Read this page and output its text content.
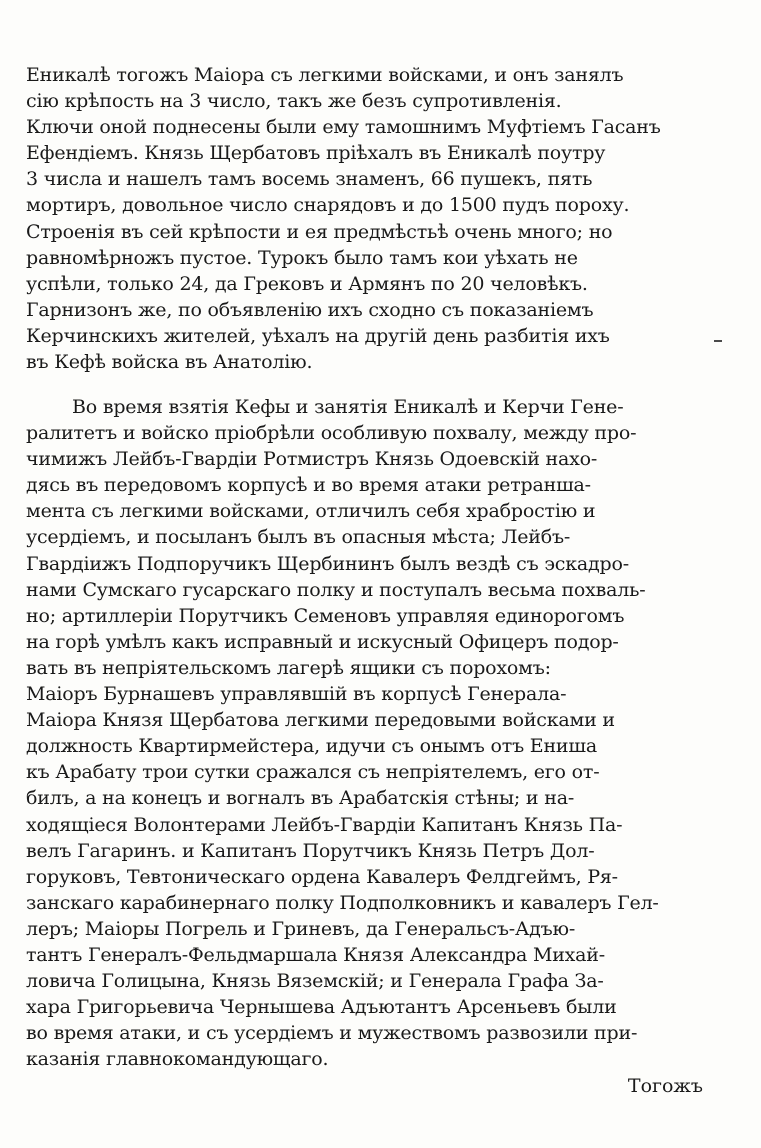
Еникалѣ тогожъ Маіора съ легкими войсками, и онъ занялъ
сію крѣпость на 3 число, такъ же безъ супротивленія.
Ключи оной поднесены были ему тамошнимъ Муфтіемъ Гасанъ
Ефендіемъ. Князь Щербатовъ пріѣхалъ въ Еникалѣ поутру
3 числа и нашелъ тамъ восемь знаменъ, 66 пушекъ, пять
мортиръ, довольное число снарядовъ и до 1500 пудъ пороху.
Строенія въ сей крѣпости и ея предмѣстьѣ очень много; но
равномѣрножъ пустое. Турокъ было тамъ кои уѣхать не
успѣли, только 24, да Грековъ и Армянъ по 20 человѣкъ.
Гарнизонъ же, по объявленію ихъ сходно съ показаніемъ
Керчинскихъ жителей, уѣхалъ на другій день разбитія ихъ
въ Кефѣ войска въ Анатолію.
Во время взятія Кефы и занятія Еникалѣ и Керчи Гене-
ралитетъ и войско пріобрѣли особливую похвалу, между про-
чимижъ Лейбъ-Гвардіи Ротмистръ Князь Одоевскій нахо-
дясь въ передовомъ корпусѣ и во время атаки ретраншa-
мента съ легкими войсками, отличилъ себя храбростію и
усердіемъ, и посыланъ былъ въ опасныя мѣста; Лейбъ-
Гвардіижъ Подпоручикъ Щербининъ былъ вездѣ съ эскадро-
нами Сумскаго гусарскаго полку и поступалъ весьма похваль-
но; артиллеріи Порутчикъ Семеновъ управляя единорогомъ
на горѣ умѣлъ какъ исправный и искусный Офицеръ подор-
вать въ непріятельскомъ лагерѣ ящики съ порохомъ:
Маіоръ Бурнашевъ управлявшій въ корпусѣ Генерала-
Маіора Князя Щербатова легкими передовыми войсками и
должность Квартирмейстера, идучи съ онымъ отъ Енишa
къ Арабату трои сутки сражался съ непріятелемъ, его от-
билъ, а на конецъ и вогналъ въ Арабатскія стѣны; и на-
ходящіеся Волонтерами Лейбъ-Гвардіи Капитанъ Князь Па-
велъ Гагаринъ. и Капитанъ Порутчикъ Князь Петръ Дол-
горуковъ, Тевтоническаго ордена Кавалеръ Фелдгеймъ, Ря-
занскаго карабинернаго полку Подполковникъ и кавалеръ Гел-
леръ; Маіоры Погрель и Гриневъ, да Генеральсъ-Адъю-
тантъ Генералъ-Фельдмаршала Князя Александра Михай-
ловича Голицына, Князь Вяземскій; и Генерала Графа За-
хара Григорьевича Чернышева Адъютантъ Арсеньевъ были
во время атаки, и съ усердіемъ и мужествомъ развозили при-
казанія главнокомандующаго.
Тогожъ
